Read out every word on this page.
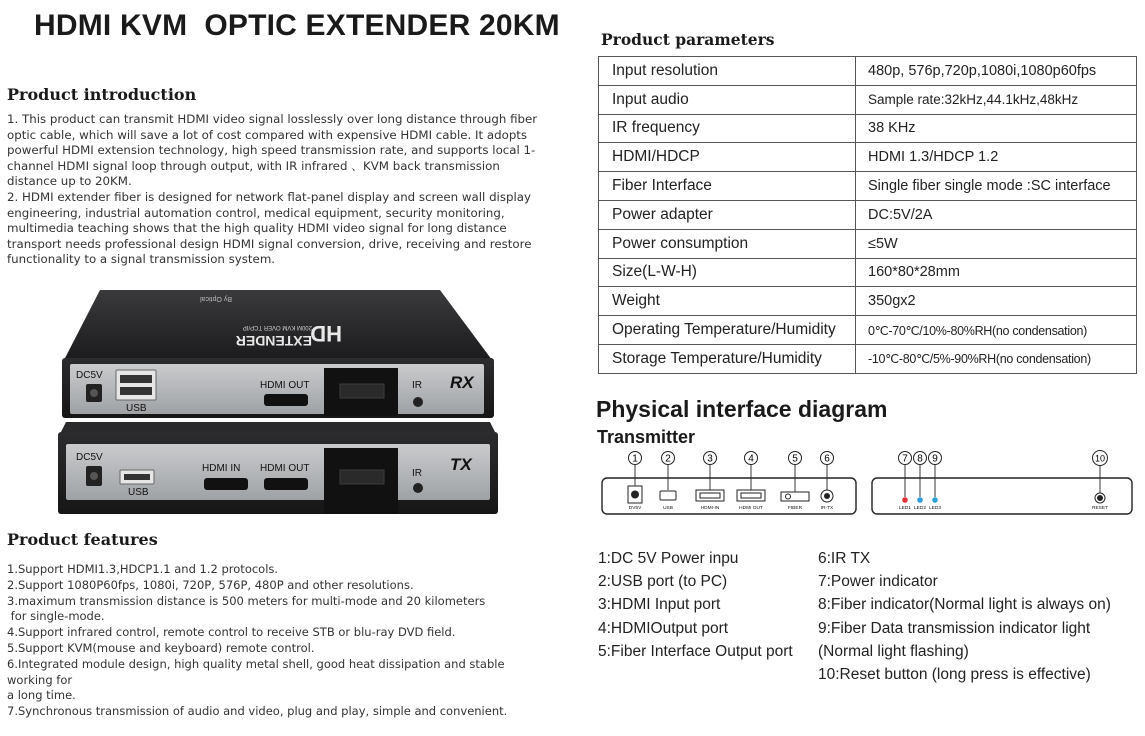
HDMI KVM  OPTIC EXTENDER 20KM
Product introduction

1. This product can transmit HDMI video signal losslessly over long distance through fiber optic cable, which will save a lot of cost compared with expensive HDMI cable. It adopts powerful HDMI extension technology, high speed transmission rate, and supports local 1-channel HDMI signal loop through output, with IR infrared 、KVM back transmission distance up to 20KM.

2. HDMI extender fiber is designed for network flat-panel display and screen wall display engineering, industrial automation control, medical equipment, security monitoring, multimedia teaching shows that the high quality HDMI video signal for long distance transport needs professional design HDMI signal conversion, drive, receiving and restore functionality to a signal transmission system.

HD
EXTENDER
200M KVM OVER TCP/IP
By Optical
DC5V
USB
HDMI OUT	IR RX
DC5V
USB
HDMI IN HDMI OUT	IR TX
Product features

1.Support HDMI1.3,HDCP1.1 and 1.2 protocols.

2.Support 1080P60fps, 1080i, 720P, 576P, 480P and other resolutions.

3.maximum transmission distance is 500 meters for multi-mode and 20 kilometers

for single-mode.

4.Support infrared control, remote control to receive STB or blu-ray DVD field.

5.Support KVM(mouse and keyboard) remote control.

6.Integrated module design, high quality metal shell, good heat dissipation and stable working for

a long time.

7.Synchronous transmission of audio and video, plug and play, simple and convenient.

Product parameters
Input resolution	480p, 576p,720p,1080i,1080p60fps
Input audio	Sample rate:32kHz,44.1kHz,48kHz
IR frequency	38 KHz
HDMI/HDCP	HDMI 1.3/HDCP 1.2
Fiber Interface	Single fiber single mode :SC interface
Power adapter	DC:5V/2A
Power consumption	≤5W
Size(L-W-H)	160*80*28mm
Weight	350gx2
Operating Temperature/Humidity	0℃-70℃/10%-80%RH(no condensation)
Storage Temperature/Humidity	-10℃-80℃/5%-90%RH(no condensation)
Physical interface diagram
Transmitter
1	2	3	4	5	6	7 8 9	10
DV5V	USB	HDMI-IN	HDMI OUT	FIBER	IR-TX	LED1 LED2 LED3	RESET
1:DC 5V Power inpu
2:USB port (to PC)
3:HDMI Input port
4:HDMIOutput port
5:Fiber Interface Output port
6:IR TX
7:Power indicator
8:Fiber indicator(Normal light is always on)
9:Fiber Data transmission indicator light
(Normal light flashing)
10:Reset button (long press is effective)
